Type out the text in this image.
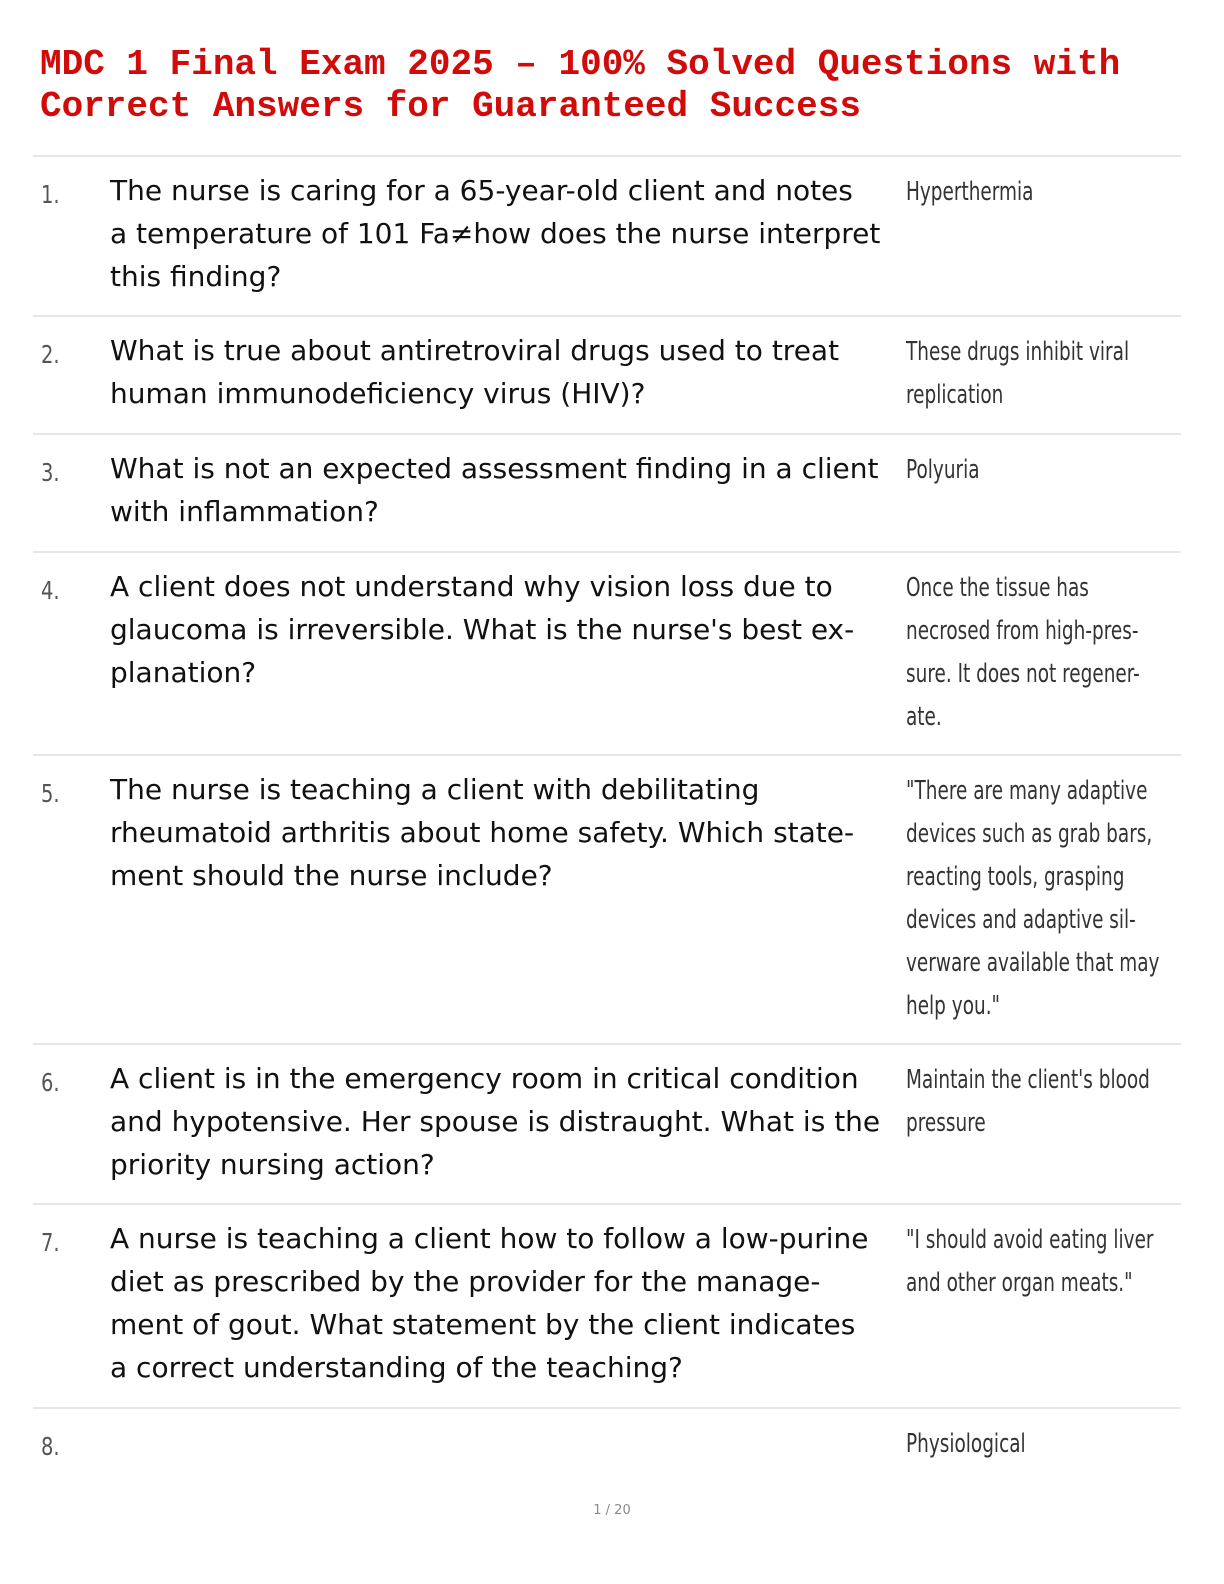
MDC 1 Final Exam 2025 – 100% Solved Questions with
Correct Answers for Guaranteed Success
1. The nurse is caring for a 65-year-old client and notes
a temperature of 101 Fa≠how does the nurse interpret
this finding?
Hyperthermia
2. What is true about antiretroviral drugs used to treat
human immunodeficiency virus (HIV)?
These drugs inhibit viral
replication
3. What is not an expected assessment finding in a client
with inflammation?
Polyuria
4. A client does not understand why vision loss due to
glaucoma is irreversible. What is the nurse's best ex-
planation?
Once the tissue has
necrosed from high-pres-
sure. It does not regener-
ate.
5. The nurse is teaching a client with debilitating
rheumatoid arthritis about home safety. Which state-
ment should the nurse include?
"There are many adaptive
devices such as grab bars,
reacting tools, grasping
devices and adaptive sil-
verware available that may
help you."
6. A client is in the emergency room in critical condition
and hypotensive. Her spouse is distraught. What is the
priority nursing action?
Maintain the client's blood
pressure
7. A nurse is teaching a client how to follow a low-purine
diet as prescribed by the provider for the manage-
ment of gout. What statement by the client indicates
a correct understanding of the teaching?
"I should avoid eating liver
and other organ meats."
8.	Physiological
1 / 20
